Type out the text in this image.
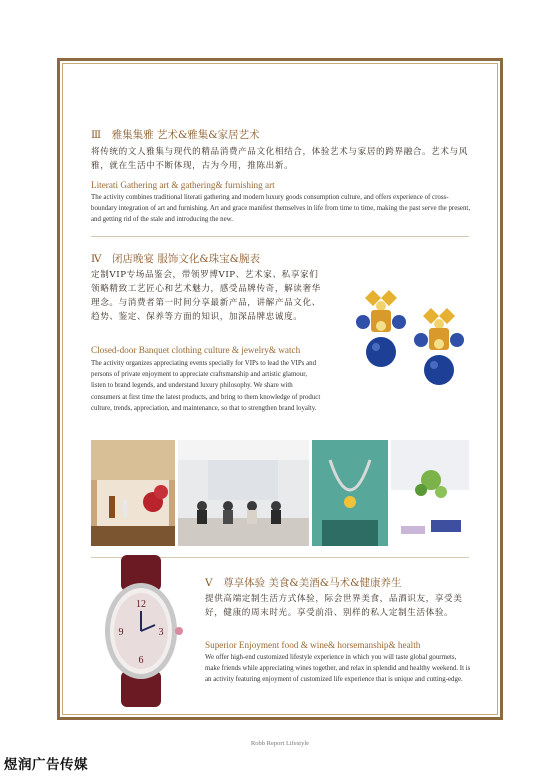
Ⅲ　雅集集雅 艺术&雅集&家居艺术
将传统的文人雅集与现代的精品消费产品文化相结合，体验艺术与家居的跨界融合。艺术与风雅，就在生活中不断体现，古为今用，推陈出新。
Literati Gathering art & gathering& furnishing art
The activity combines traditional literati gathering and modern luxury goods consumption culture, and offers experience of cross-boundary integration of art and furnishing. Art and grace manifest themselves in life from time to time, making the past serve the present, and getting rid of the stale and introducing the new.
Ⅳ　闭店晚宴 服饰文化&珠宝&腕表
定制VIP专场品鉴会，带领罗博VIP、艺术家、私享家们领略精致工艺匠心和艺术魅力，感受品牌传奇，解读奢华理念。与消费者第一时间分享最新产品，讲解产品文化、趋势、鉴定、保养等方面的知识，加深品牌忠诚度。
Closed-door Banquet clothing culture & jewelry& watch
The activity organizes appreciating events specially for VIPs to lead the VIPs and persons of private enjoyment to appreciate craftsmanship and artistic glamour, listen to brand legends, and understand luxury philosophy. We share with consumers at first time the latest products, and bring to them knowledge of product culture, trends, appreciation, and maintenance, so that to strengthen brand loyalty.
12
9	3
6
Ⅴ　尊享体验 美食&美酒&马术&健康养生
提供高端定制生活方式体验，际会世界美食，品酒识友，享受美好，健康的周末时光。享受前沿、别样的私人定制生活体验。
Superior Enjoyment food & wine& horsemanship& health
We offer high-end customized lifestyle experience in which you will taste global gourmets, make friends while appreciating wines together, and relax in splendid and healthy weekend. It is an activity featuring enjoyment of customized life experience that is unique and cutting-edge.
Robb Report Lifestyle
煜润广告传媒
